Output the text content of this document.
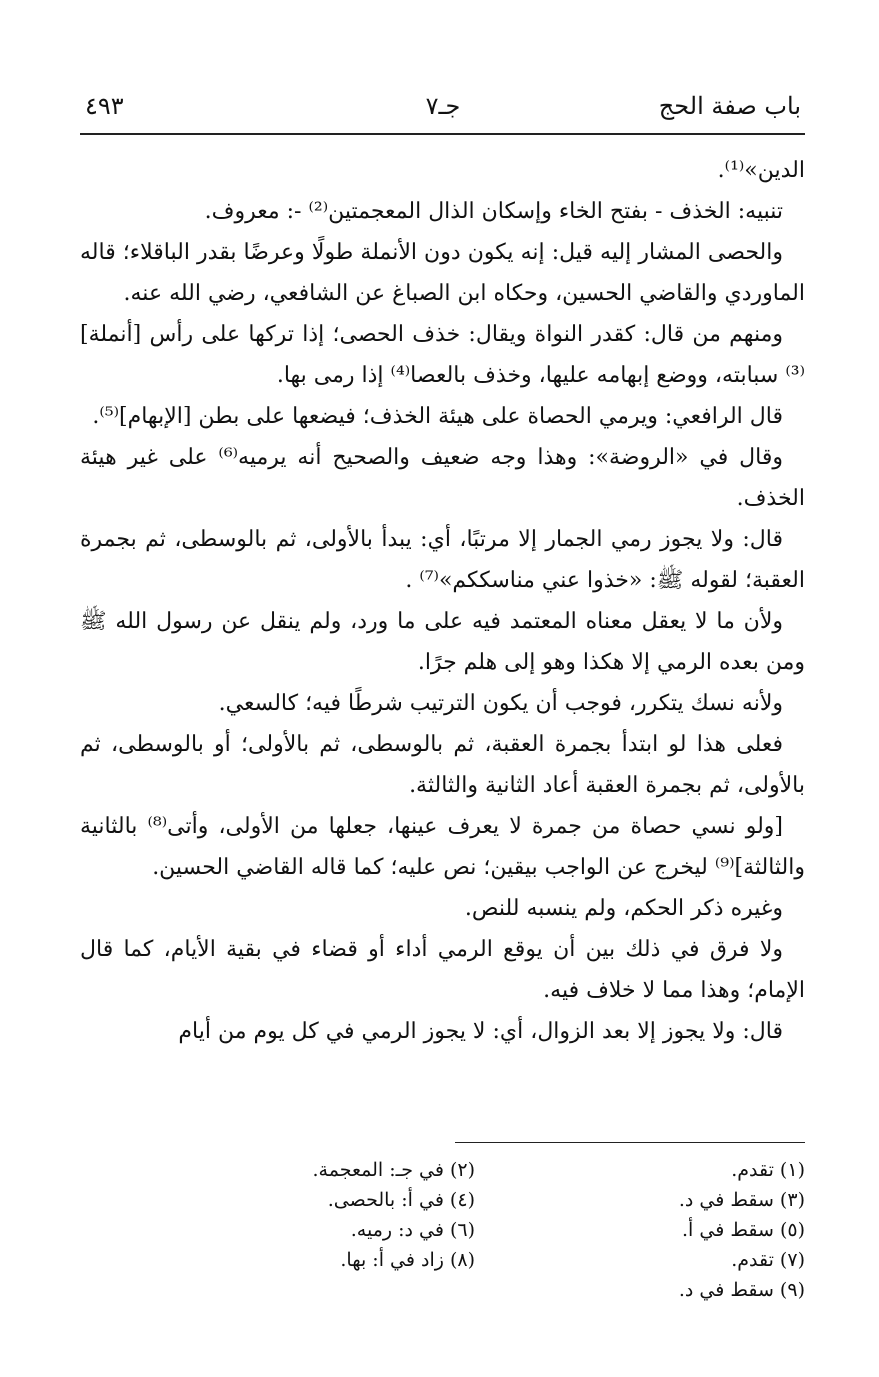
٤٩٣	جـ٧	باب صفة الحج

الدين»⁽¹⁾.

تنبيه: الخذف - بفتح الخاء وإسكان الذال المعجمتين⁽²⁾ -: معروف.

والحصى المشار إليه قيل: إنه يكون دون الأنملة طولًا وعرضًا بقدر الباقلاء؛ قاله الماوردي والقاضي الحسين، وحكاه ابن الصباغ عن الشافعي، رضي الله عنه.

ومنهم من قال: كقدر النواة ويقال: خذف الحصى؛ إذا تركها على رأس [أنملة]⁽³⁾ سبابته، ووضع إبهامه عليها، وخذف بالعصا⁽⁴⁾ إذا رمى بها.

قال الرافعي: ويرمي الحصاة على هيئة الخذف؛ فيضعها على بطن [الإبهام]⁽⁵⁾.

وقال في «الروضة»: وهذا وجه ضعيف والصحيح أنه يرميه⁽⁶⁾ على غير هيئة الخذف.

قال: ولا يجوز رمي الجمار إلا مرتبًا، أي: يبدأ بالأولى، ثم بالوسطى، ثم بجمرة العقبة؛ لقوله ﷺ: «خذوا عني مناسككم»⁽⁷⁾ .

ولأن ما لا يعقل معناه المعتمد فيه على ما ورد، ولم ينقل عن رسول الله ﷺ ومن بعده الرمي إلا هكذا وهو إلى هلم جرًا.

ولأنه نسك يتكرر، فوجب أن يكون الترتيب شرطًا فيه؛ كالسعي.

فعلى هذا لو ابتدأ بجمرة العقبة، ثم بالوسطى، ثم بالأولى؛ أو بالوسطى، ثم بالأولى، ثم بجمرة العقبة أعاد الثانية والثالثة.

[ولو نسي حصاة من جمرة لا يعرف عينها، جعلها من الأولى، وأتى⁽⁸⁾ بالثانية والثالثة]⁽⁹⁾ ليخرج عن الواجب بيقين؛ نص عليه؛ كما قاله القاضي الحسين.

وغيره ذكر الحكم، ولم ينسبه للنص.

ولا فرق في ذلك بين أن يوقع الرمي أداء أو قضاء في بقية الأيام، كما قال الإمام؛ وهذا مما لا خلاف فيه.

قال: ولا يجوز إلا بعد الزوال، أي: لا يجوز الرمي في كل يوم من أيام

(١) تقدم.
(٣) سقط في د.
(٥) سقط في أ.
(٧) تقدم.
(٩) سقط في د.
(٢) في جـ: المعجمة.
(٤) في أ: بالحصى.
(٦) في د: رميه.
(٨) زاد في أ: بها.
